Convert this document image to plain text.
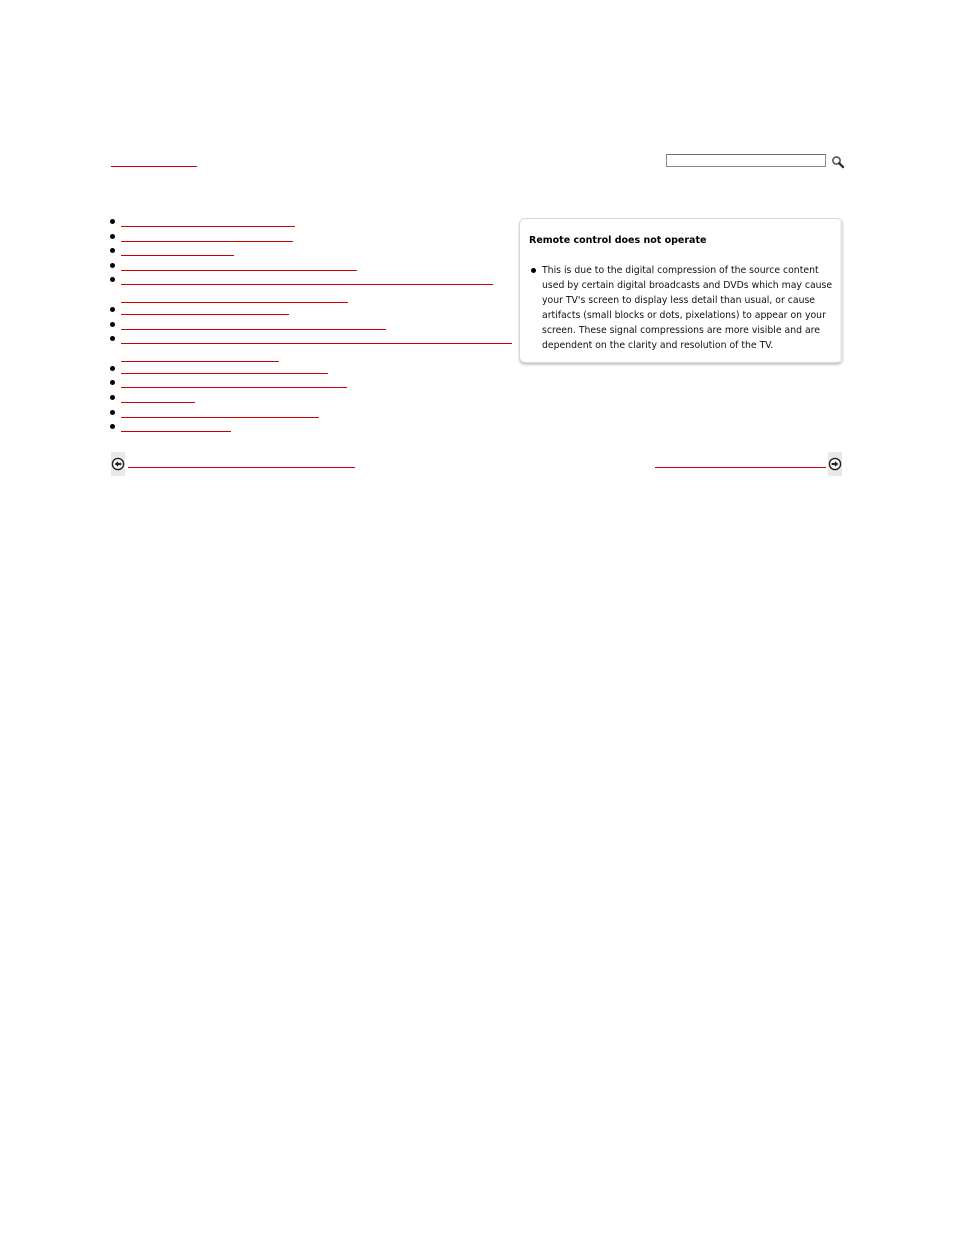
Remote control does not operate
This is due to the digital compression of the source content used by certain digital broadcasts and DVDs which may cause your TV's screen to display less detail than usual, or cause artifacts (small blocks or dots, pixelations) to appear on your screen. These signal compressions are more visible and are dependent on the clarity and resolution of the TV.
